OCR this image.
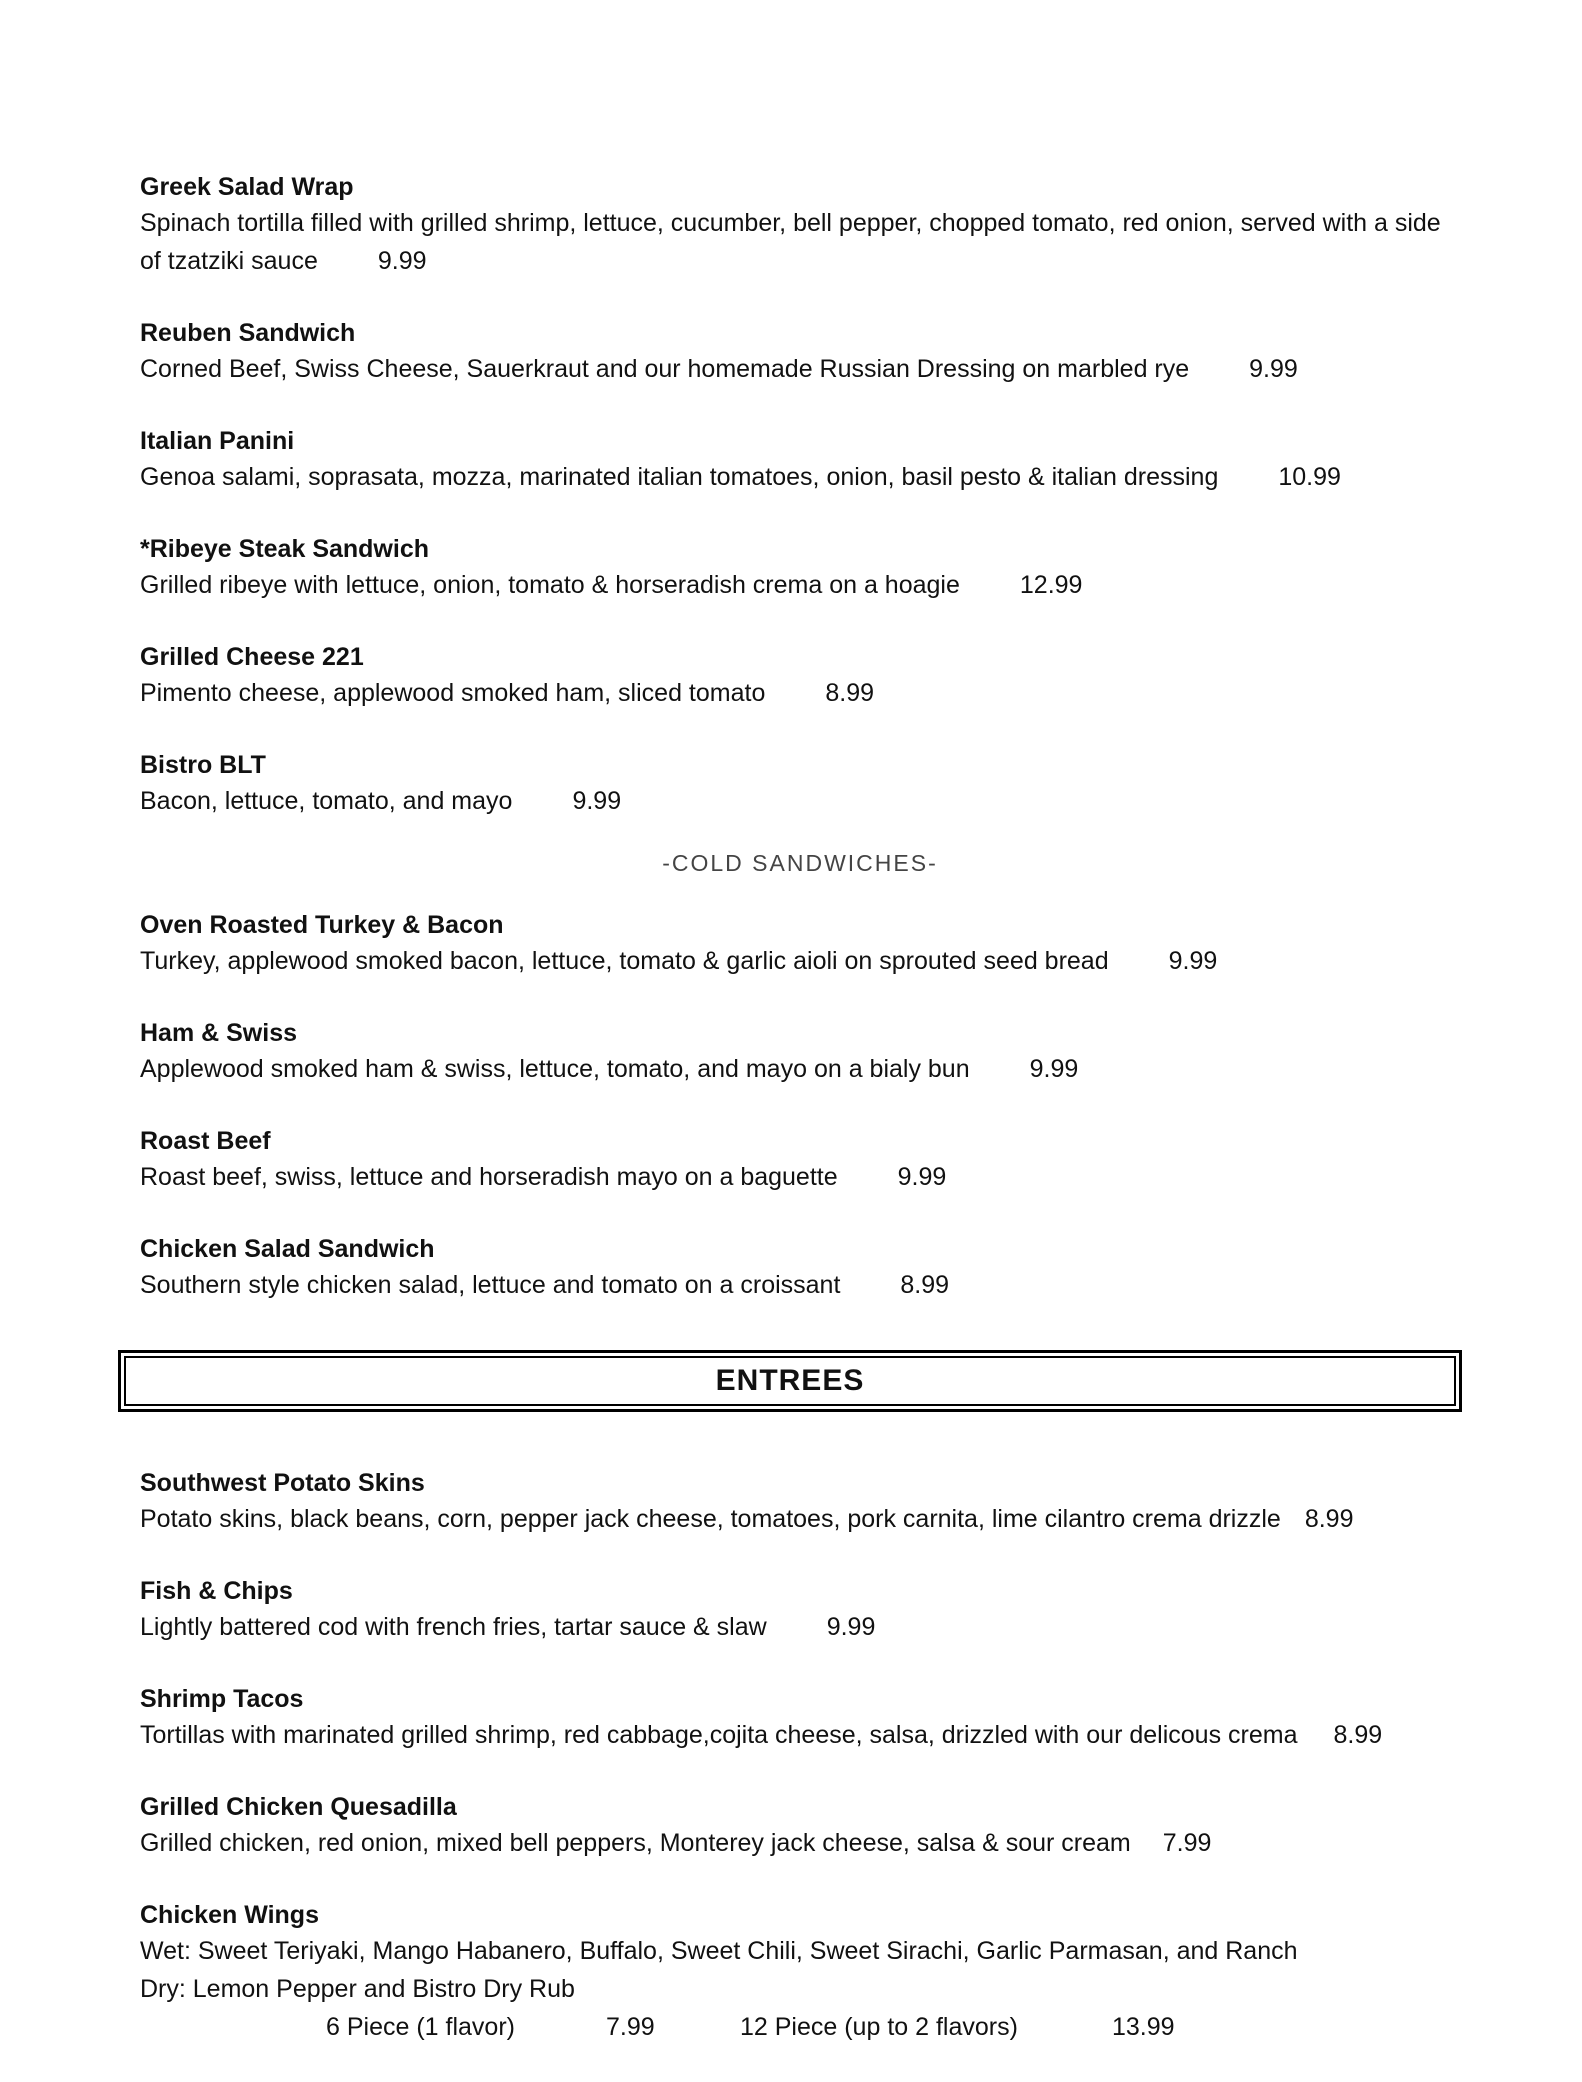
Greek Salad Wrap
Spinach tortilla filled with grilled shrimp, lettuce, cucumber, bell pepper, chopped tomato, red onion, served with a side of tzatziki sauce 9.99
Reuben Sandwich
Corned Beef, Swiss Cheese, Sauerkraut and our homemade Russian Dressing on marbled rye 9.99
Italian Panini
Genoa salami, soprasata, mozza, marinated italian tomatoes, onion, basil pesto & italian dressing 10.99
*Ribeye Steak Sandwich
Grilled ribeye with lettuce, onion, tomato & horseradish crema on a hoagie 12.99
Grilled Cheese 221
Pimento cheese, applewood smoked ham, sliced tomato 8.99
Bistro BLT
Bacon, lettuce, tomato, and mayo 9.99
-COLD SANDWICHES-
Oven Roasted Turkey & Bacon
Turkey, applewood smoked bacon, lettuce, tomato & garlic aioli on sprouted seed bread 9.99
Ham & Swiss
Applewood smoked ham & swiss, lettuce, tomato, and mayo on a bialy bun 9.99
Roast Beef
Roast beef, swiss, lettuce and horseradish mayo on a baguette 9.99
Chicken Salad Sandwich
Southern style chicken salad, lettuce and tomato on a croissant 8.99
ENTREES
Southwest Potato Skins
Potato skins, black beans, corn, pepper jack cheese, tomatoes, pork carnita, lime cilantro crema drizzle 8.99
Fish & Chips
Lightly battered cod with french fries, tartar sauce & slaw 9.99
Shrimp Tacos
Tortillas with marinated grilled shrimp, red cabbage,cojita cheese, salsa, drizzled with our delicous crema 8.99
Grilled Chicken Quesadilla
Grilled chicken, red onion, mixed bell peppers, Monterey jack cheese, salsa & sour cream 7.99
Chicken Wings
Wet: Sweet Teriyaki, Mango Habanero, Buffalo, Sweet Chili, Sweet Sirachi, Garlic Parmasan, and Ranch
Dry: Lemon Pepper and Bistro Dry Rub
6 Piece (1 flavor)	7.99	12 Piece (up to 2 flavors)	13.99
